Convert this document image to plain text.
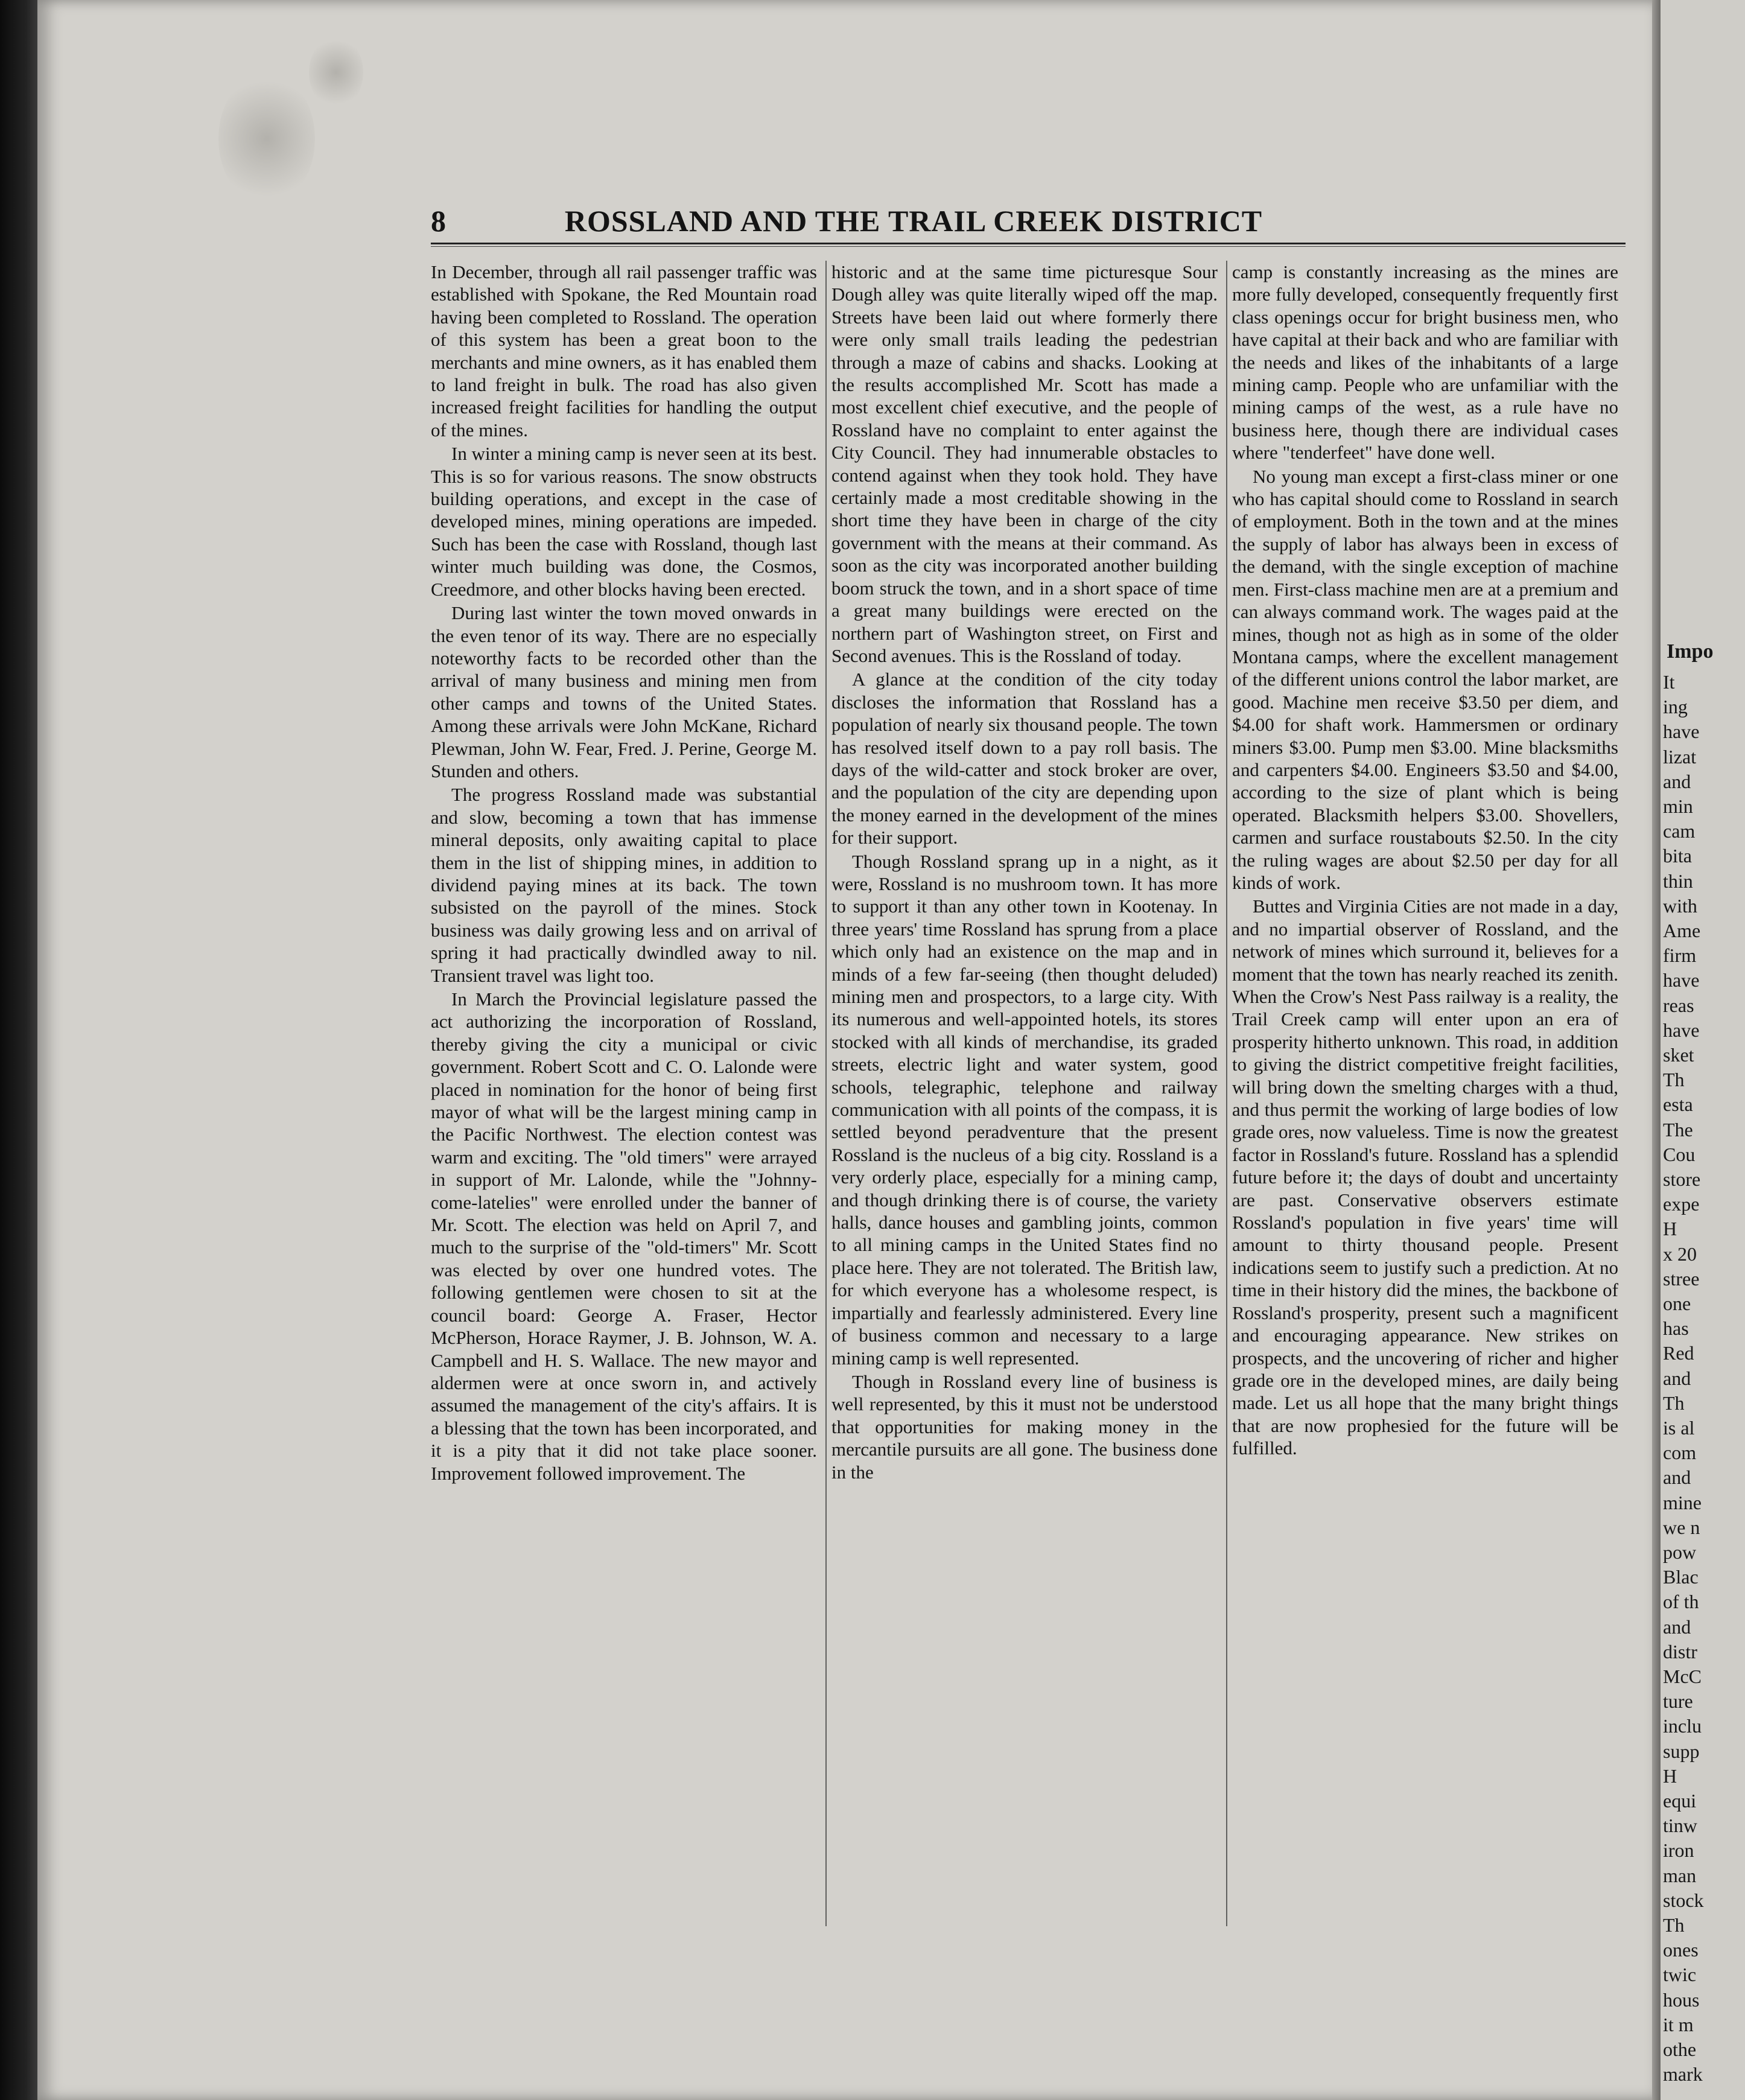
8	ROSSLAND AND THE TRAIL CREEK DISTRICT

In December, through all rail passenger traffic was established with Spokane, the Red Mountain road having been completed to Rossland. The operation of this system has been a great boon to the merchants and mine owners, as it has enabled them to land freight in bulk. The road has also given increased freight facilities for handling the output of the mines.

In winter a mining camp is never seen at its best. This is so for various reasons. The snow obstructs building operations, and except in the case of developed mines, mining operations are impeded. Such has been the case with Rossland, though last winter much building was done, the Cosmos, Creedmore, and other blocks having been erected.

During last winter the town moved onwards in the even tenor of its way. There are no especially noteworthy facts to be recorded other than the arrival of many business and mining men from other camps and towns of the United States. Among these arrivals were John McKane, Richard Plewman, John W. Fear, Fred. J. Perine, George M. Stunden and others.

The progress Rossland made was substantial and slow, becoming a town that has immense mineral deposits, only awaiting capital to place them in the list of shipping mines, in addition to dividend paying mines at its back. The town subsisted on the payroll of the mines. Stock business was daily growing less and on arrival of spring it had practically dwindled away to nil. Transient travel was light too.

In March the Provincial legislature passed the act authorizing the incorporation of Rossland, thereby giving the city a municipal or civic government. Robert Scott and C. O. Lalonde were placed in nomination for the honor of being first mayor of what will be the largest mining camp in the Pacific Northwest. The election contest was warm and exciting. The "old timers" were arrayed in support of Mr. Lalonde, while the "Johnny-come-latelies" were enrolled under the banner of Mr. Scott. The election was held on April 7, and much to the surprise of the "old-timers" Mr. Scott was elected by over one hundred votes. The following gentlemen were chosen to sit at the council board: George A. Fraser, Hector McPherson, Horace Raymer, J. B. Johnson, W. A. Campbell and H. S. Wallace. The new mayor and aldermen were at once sworn in, and actively assumed the management of the city's affairs. It is a blessing that the town has been incorporated, and it is a pity that it did not take place sooner. Improvement followed improvement. The

historic and at the same time picturesque Sour Dough alley was quite literally wiped off the map. Streets have been laid out where formerly there were only small trails leading the pedestrian through a maze of cabins and shacks. Looking at the results accomplished Mr. Scott has made a most excellent chief executive, and the people of Rossland have no complaint to enter against the City Council. They had innumerable obstacles to contend against when they took hold. They have certainly made a most creditable showing in the short time they have been in charge of the city government with the means at their command. As soon as the city was incorporated another building boom struck the town, and in a short space of time a great many buildings were erected on the northern part of Washington street, on First and Second avenues. This is the Rossland of today.

A glance at the condition of the city today discloses the information that Rossland has a population of nearly six thousand people. The town has resolved itself down to a pay roll basis. The days of the wild-catter and stock broker are over, and the population of the city are depending upon the money earned in the development of the mines for their support.

Though Rossland sprang up in a night, as it were, Rossland is no mushroom town. It has more to support it than any other town in Kootenay. In three years' time Rossland has sprung from a place which only had an existence on the map and in minds of a few far-seeing (then thought deluded) mining men and prospectors, to a large city. With its numerous and well-appointed hotels, its stores stocked with all kinds of merchandise, its graded streets, electric light and water system, good schools, telegraphic, telephone and railway communication with all points of the compass, it is settled beyond peradventure that the present Rossland is the nucleus of a big city. Rossland is a very orderly place, especially for a mining camp, and though drinking there is of course, the variety halls, dance houses and gambling joints, common to all mining camps in the United States find no place here. They are not tolerated. The British law, for which everyone has a wholesome respect, is impartially and fearlessly administered. Every line of business common and necessary to a large mining camp is well represented.

Though in Rossland every line of business is well represented, by this it must not be understood that opportunities for making money in the mercantile pursuits are all gone. The business done in the

camp is constantly increasing as the mines are more fully developed, consequently frequently first class openings occur for bright business men, who have capital at their back and who are familiar with the needs and likes of the inhabitants of a large mining camp. People who are unfamiliar with the mining camps of the west, as a rule have no business here, though there are individual cases where "tenderfeet" have done well.

No young man except a first-class miner or one who has capital should come to Rossland in search of employment. Both in the town and at the mines the supply of labor has always been in excess of the demand, with the single exception of machine men. First-class machine men are at a premium and can always command work. The wages paid at the mines, though not as high as in some of the older Montana camps, where the excellent management of the different unions control the labor market, are good. Machine men receive $3.50 per diem, and $4.00 for shaft work. Hammersmen or ordinary miners $3.00. Pump men $3.00. Mine blacksmiths and carpenters $4.00. Engineers $3.50 and $4.00, according to the size of plant which is being operated. Blacksmith helpers $3.00. Shovellers, carmen and surface roustabouts $2.50. In the city the ruling wages are about $2.50 per day for all kinds of work.

Buttes and Virginia Cities are not made in a day, and no impartial observer of Rossland, and the network of mines which surround it, believes for a moment that the town has nearly reached its zenith. When the Crow's Nest Pass railway is a reality, the Trail Creek camp will enter upon an era of prosperity hitherto unknown. This road, in addition to giving the district competitive freight facilities, will bring down the smelting charges with a thud, and thus permit the working of large bodies of low grade ores, now valueless. Time is now the greatest factor in Rossland's future. Rossland has a splendid future before it; the days of doubt and uncertainty are past. Conservative observers estimate Rossland's population in five years' time will amount to thirty thousand people. Present indications seem to justify such a prediction. At no time in their history did the mines, the backbone of Rossland's prosperity, present such a magnificent and encouraging appearance. New strikes on prospects, and the uncovering of richer and higher grade ore in the developed mines, are daily being made. Let us all hope that the many bright things that are now prophesied for the future will be fulfilled.

Impo
It
ing
have
lizat
and
min
cam
bita
thin
with
Ame
firm
have
reas
have
sket
Th
esta
The
Cou
store
expe
H
x 20
stree
one
has
Red
and
Th
is al
com
and
mine
we n
pow
Blac
of th
and
distr
McC
ture
inclu
supp
H
equi
tinw
iron
man
stock
Th
ones
twic
hous
it m
othe
mark
